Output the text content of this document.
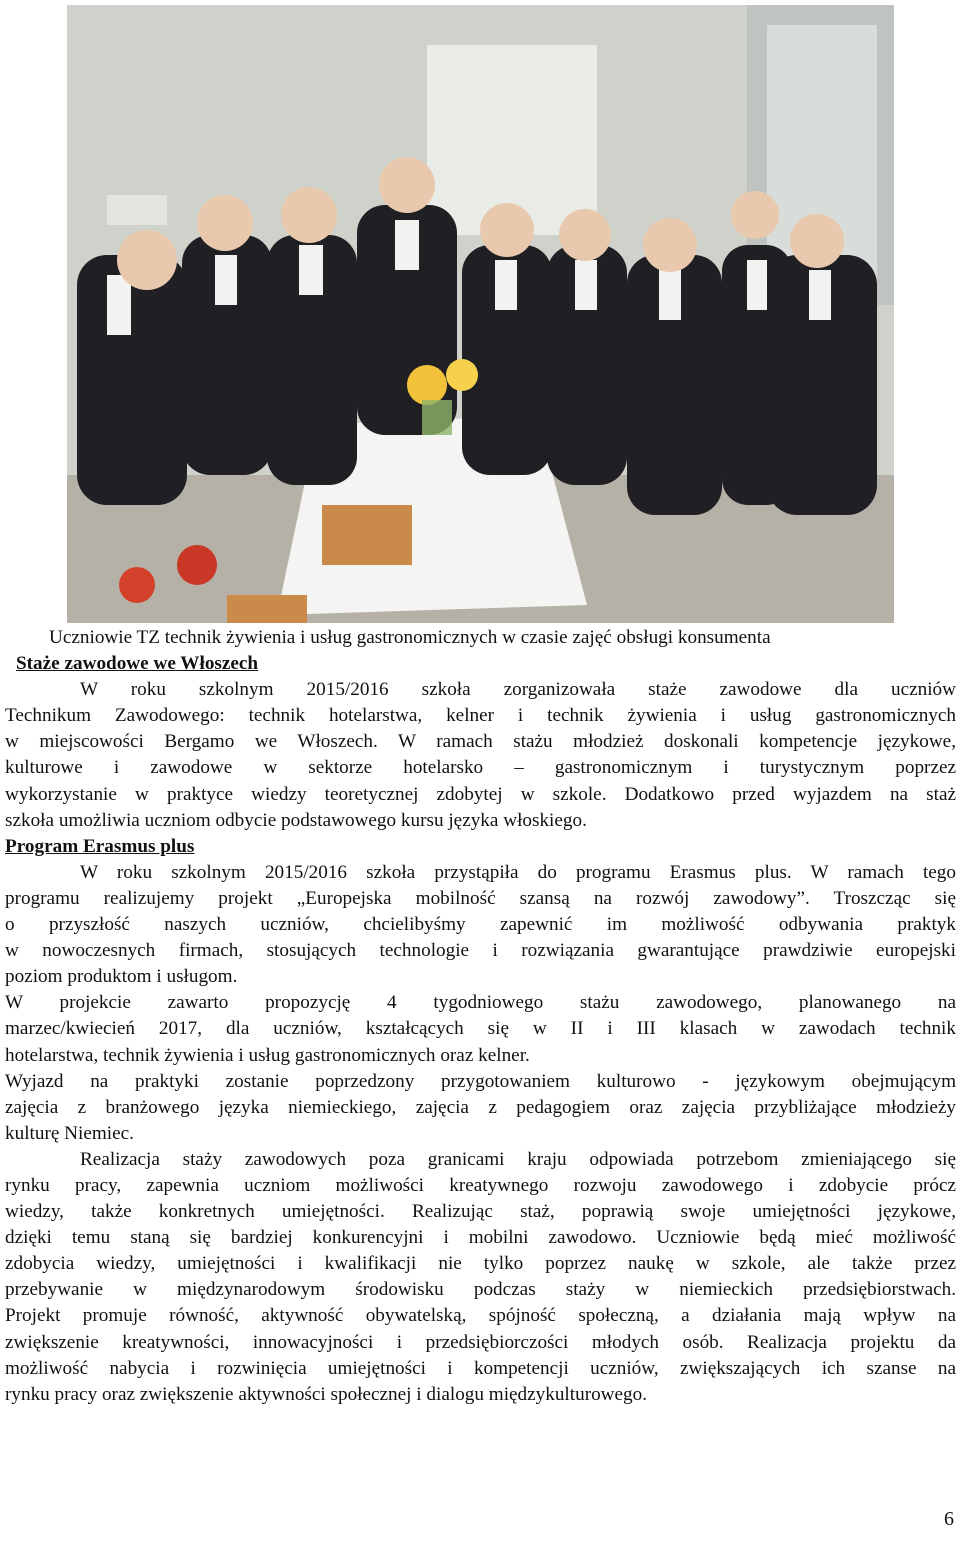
Uczniowie TZ technik żywienia i usług gastronomicznych w czasie zajęć obsługi konsumenta
Staże zawodowe we Włoszech
W roku szkolnym 2015/2016 szkoła zorganizowała staże zawodowe dla uczniów
Technikum Zawodowego: technik hotelarstwa, kelner i technik żywienia i usług gastronomicznych
w miejscowości Bergamo we Włoszech. W ramach stażu młodzież doskonali kompetencje językowe,
kulturowe i zawodowe w sektorze hotelarsko – gastronomicznym i turystycznym poprzez
wykorzystanie w praktyce wiedzy teoretycznej zdobytej w szkole. Dodatkowo przed wyjazdem na staż
szkoła umożliwia uczniom odbycie podstawowego kursu języka włoskiego.
Program Erasmus plus
W roku szkolnym 2015/2016 szkoła przystąpiła do programu Erasmus plus. W ramach tego
programu realizujemy projekt „Europejska mobilność szansą na rozwój zawodowy”. Troszcząc się
o przyszłość naszych uczniów, chcielibyśmy zapewnić im możliwość odbywania praktyk
w nowoczesnych firmach, stosujących technologie i rozwiązania gwarantujące prawdziwie europejski
poziom produktom i usługom.
W projekcie zawarto propozycję 4 tygodniowego stażu zawodowego, planowanego na
marzec/kwiecień 2017, dla uczniów, kształcących się w II i III klasach w zawodach technik
hotelarstwa, technik żywienia i usług gastronomicznych oraz kelner.
Wyjazd na praktyki zostanie poprzedzony przygotowaniem kulturowo - językowym obejmującym
zajęcia z branżowego języka niemieckiego, zajęcia z pedagogiem oraz zajęcia przybliżające młodzieży
kulturę Niemiec.
Realizacja staży zawodowych poza granicami kraju odpowiada potrzebom zmieniającego się
rynku pracy, zapewnia uczniom możliwości kreatywnego rozwoju zawodowego i zdobycie prócz
wiedzy, także konkretnych umiejętności. Realizując staż, poprawią swoje umiejętności językowe,
dzięki temu staną się bardziej konkurencyjni i mobilni zawodowo. Uczniowie będą mieć możliwość
zdobycia wiedzy, umiejętności i kwalifikacji nie tylko poprzez naukę w szkole, ale także przez
przebywanie w międzynarodowym środowisku podczas staży w niemieckich przedsiębiorstwach.
Projekt promuje równość, aktywność obywatelską, spójność społeczną, a działania mają wpływ na
zwiększenie kreatywności, innowacyjności i przedsiębiorczości młodych osób. Realizacja projektu da
możliwość nabycia i rozwinięcia umiejętności i kompetencji uczniów, zwiększających ich szanse na
rynku pracy oraz zwiększenie aktywności społecznej i dialogu międzykulturowego.
6
